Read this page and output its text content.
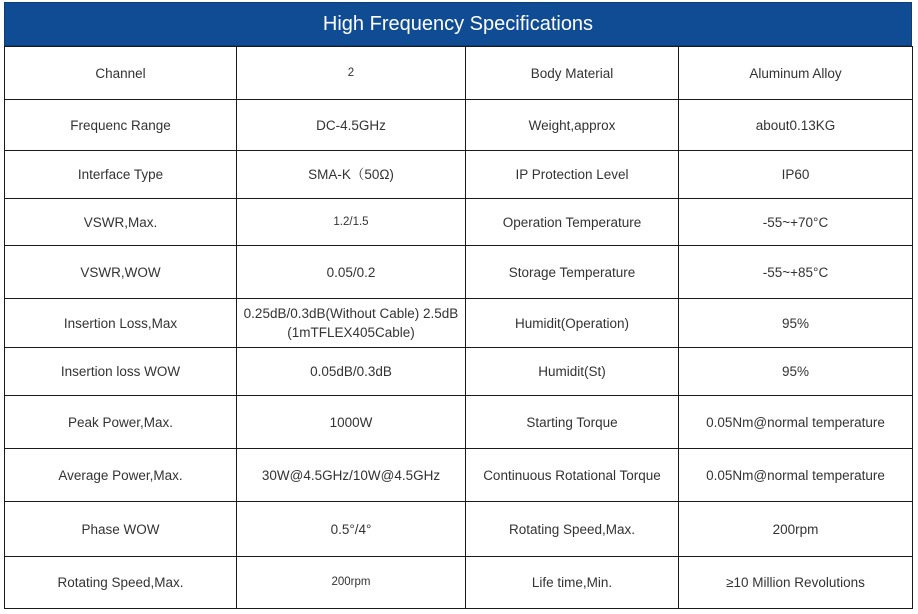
High Frequency Specifications
Channel	2	Body Material	Aluminum Alloy
Frequenc Range	DC-4.5GHz	Weight,approx	about0.13KG
Interface Type	SMA-K（50Ω)	IP Protection Level	IP60
VSWR,Max.	1.2/1.5	Operation Temperature	-55~+70°C
VSWR,WOW	0.05/0.2	Storage Temperature	-55~+85°C
Insertion Loss,Max	0.25dB/0.3dB(Without Cable) 2.5dB (1mTFLEX405Cable)	Humidit(Operation)	95%
Insertion loss WOW	0.05dB/0.3dB	Humidit(St)	95%
Peak Power,Max.	1000W	Starting Torque	0.05Nm@normal temperature
Average Power,Max.	30W@4.5GHz/10W@4.5GHz	Continuous Rotational Torque	0.05Nm@normal temperature
Phase WOW	0.5°/4°	Rotating Speed,Max.	200rpm
Rotating Speed,Max.	200rpm	Life time,Min.	≥10 Million Revolutions
